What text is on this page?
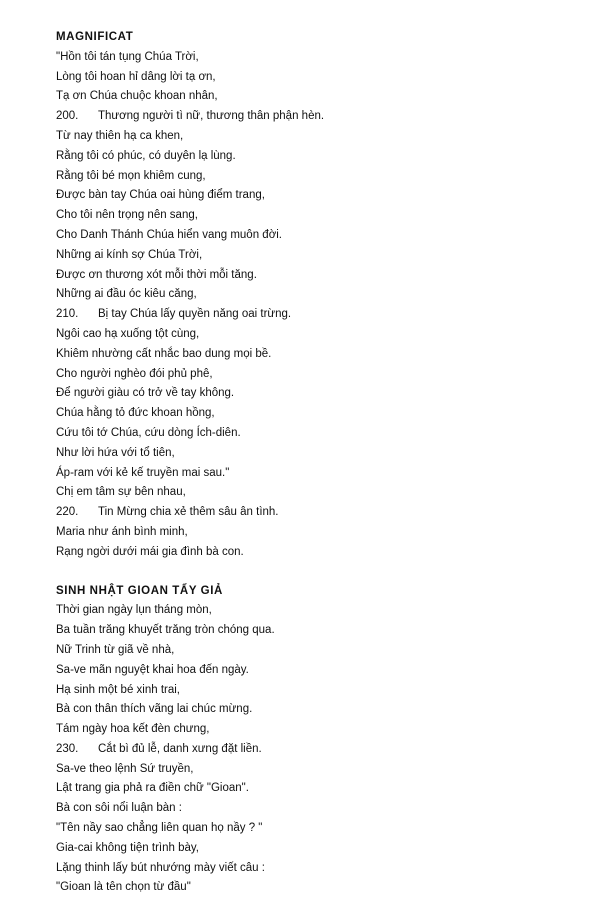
MAGNIFICAT
"Hồn tôi tán tụng Chúa Trời,
Lòng tôi hoan hỉ dâng lời tạ ơn,
Tạ ơn Chúa chuộc khoan nhân,
200. Thương người tì nữ, thương thân phận hèn.
Từ nay thiên hạ ca khen,
Rằng tôi có phúc, có duyên lạ lùng.
Rằng tôi bé mọn khiêm cung,
Được bàn tay Chúa oai hùng điểm trang,
Cho tôi nên trọng nên sang,
Cho Danh Thánh Chúa hiển vang muôn đời.
Những ai kính sợ Chúa Trời,
Được ơn thương xót mỗi thời mỗi tăng.
Những ai đầu óc kiêu căng,
210. Bị tay Chúa lấy quyền năng oai trừng.
Ngôi cao hạ xuống tột cùng,
Khiêm nhường cất nhắc bao dung mọi bề.
Cho người nghèo đói phủ phê,
Để người giàu có trở về tay không.
Chúa hằng tỏ đức khoan hồng,
Cứu tôi tớ Chúa, cứu dòng Ích-diên.
Như lời hứa với tổ tiên,
Áp-ram với kẻ kế truyền mai sau."
Chị em tâm sự bên nhau,
220. Tin Mừng chia xẻ thêm sâu ân tình.
Maria như ánh bình minh,
Rạng ngời dưới mái gia đình bà con.
SINH NHẬT GIOAN TẨY GIẢ
Thời gian ngày lụn tháng mòn,
Ba tuần trăng khuyết trăng tròn chóng qua.
Nữ Trinh từ giã về nhà,
Sa-ve mãn nguyệt khai hoa đến ngày.
Hạ sinh một bé xinh trai,
Bà con thân thích vãng lai chúc mừng.
Tám ngày hoa kết đèn chưng,
230. Cắt bì đủ lễ, danh xưng đặt liền.
Sa-ve theo lệnh Sứ truyền,
Lật trang gia phả ra điền chữ "Gioan".
Bà con sôi nổi luận bàn :
"Tên nầy sao chẳng liên quan họ nầy ? "
Gia-cai không tiện trình bày,
Lặng thinh lấy bút nhướng mày viết câu :
"Gioan là tên chọn từ đầu"
